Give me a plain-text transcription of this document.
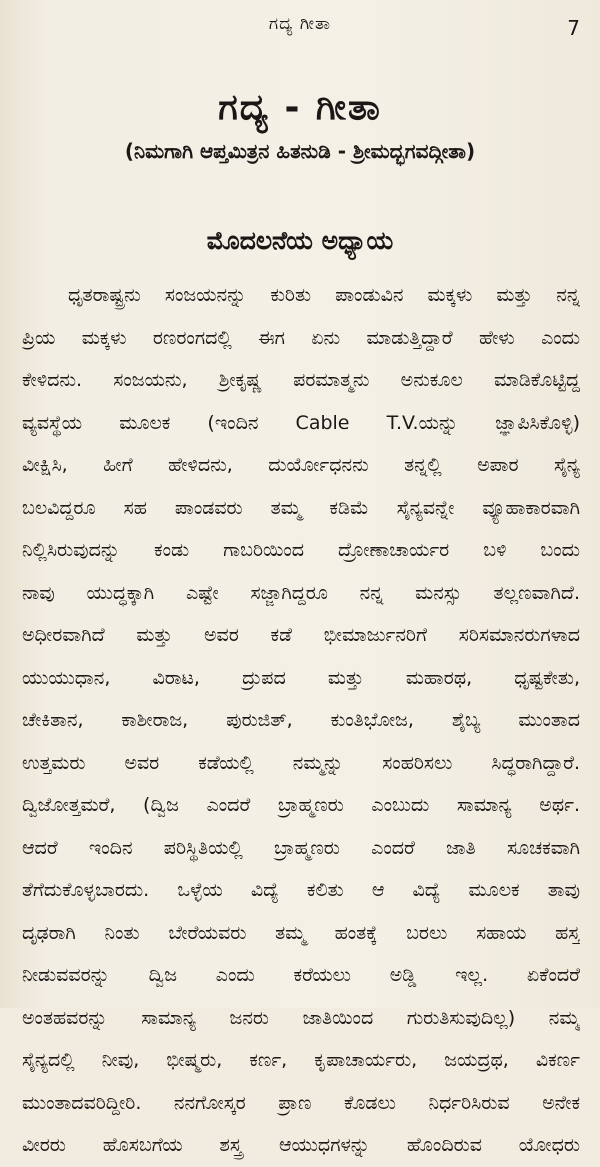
ಗದ್ಯ ಗೀತಾ	7
ಗದ್ಯ - ಗೀತಾ
(ನಿಮಗಾಗಿ ಆಪ್ತಮಿತ್ರನ ಹಿತನುಡಿ - ಶ್ರೀಮದ್ಭಗವದ್ಗೀತಾ)
ಮೊದಲನೆಯ ಅಧ್ಯಾಯ
ಧೃತರಾಷ್ಟ್ರನು ಸಂಜಯನನ್ನು ಕುರಿತು ಪಾಂಡುವಿನ ಮಕ್ಕಳು ಮತ್ತು ನನ್ನ
ಪ್ರಿಯ ಮಕ್ಕಳು ರಣರಂಗದಲ್ಲಿ ಈಗ ಏನು ಮಾಡುತ್ತಿದ್ದಾರೆ ಹೇಳು ಎಂದು
ಕೇಳಿದನು. ಸಂಜಯನು, ಶ್ರೀಕೃಷ್ಣ ಪರಮಾತ್ಮನು ಅನುಕೂಲ ಮಾಡಿಕೊಟ್ಟಿದ್ದ
ವ್ಯವಸ್ಥೆಯ ಮೂಲಕ (ಇಂದಿನ Cable T.V.ಯನ್ನು ಜ್ಞಾಪಿಸಿಕೊಳ್ಳಿ)
ವೀಕ್ಷಿಸಿ, ಹೀಗೆ ಹೇಳಿದನು, ದುರ್ಯೋಧನನು ತನ್ನಲ್ಲಿ ಅಪಾರ ಸೈನ್ಯ
ಬಲವಿದ್ದರೂ ಸಹ ಪಾಂಡವರು ತಮ್ಮ ಕಡಿಮೆ ಸೈನ್ಯವನ್ನೇ ವ್ಯೂಹಾಕಾರವಾಗಿ
ನಿಲ್ಲಿಸಿರುವುದನ್ನು ಕಂಡು ಗಾಬರಿಯಿಂದ ದ್ರೋಣಾಚಾರ್ಯರ ಬಳಿ ಬಂದು
ನಾವು ಯುದ್ಧಕ್ಕಾಗಿ ಎಷ್ಟೇ ಸಜ್ಜಾಗಿದ್ದರೂ ನನ್ನ ಮನಸ್ಸು ತಲ್ಲಣವಾಗಿದೆ.
ಅಧೀರವಾಗಿದೆ ಮತ್ತು ಅವರ ಕಡೆ ಭೀಮಾರ್ಜುನರಿಗೆ ಸರಿಸಮಾನರುಗಳಾದ
ಯುಯುಧಾನ, ವಿರಾಟ, ದ್ರುಪದ ಮತ್ತು ಮಹಾರಥ, ಧೃಷ್ಟಕೇತು,
ಚೇಕಿತಾನ, ಕಾಶೀರಾಜ, ಪುರುಜಿತ್, ಕುಂತಿಭೋಜ, ಶೈಬ್ಯ ಮುಂತಾದ
ಉತ್ತಮರು ಅವರ ಕಡೆಯಲ್ಲಿ ನಮ್ಮನ್ನು ಸಂಹರಿಸಲು ಸಿದ್ಧರಾಗಿದ್ದಾರೆ.
ದ್ವಿಜೋತ್ತಮರೆ, (ದ್ವಿಜ ಎಂದರೆ ಬ್ರಾಹ್ಮಣರು ಎಂಬುದು ಸಾಮಾನ್ಯ ಅರ್ಥ.
ಆದರೆ ಇಂದಿನ ಪರಿಸ್ಥಿತಿಯಲ್ಲಿ ಬ್ರಾಹ್ಮಣರು ಎಂದರೆ ಜಾತಿ ಸೂಚಕವಾಗಿ
ತೆಗೆದುಕೊಳ್ಳಬಾರದು. ಒಳ್ಳೆಯ ವಿದ್ಯೆ ಕಲಿತು ಆ ವಿದ್ಯೆ ಮೂಲಕ ತಾವು
ದೃಢರಾಗಿ ನಿಂತು ಬೇರೆಯವರು ತಮ್ಮ ಹಂತಕ್ಕೆ ಬರಲು ಸಹಾಯ ಹಸ್ತ
ನೀಡುವವರನ್ನು ದ್ವಿಜ ಎಂದು ಕರೆಯಲು ಅಡ್ಡಿ ಇಲ್ಲ. ಏಕೆಂದರೆ
ಅಂತಹವರನ್ನು ಸಾಮಾನ್ಯ ಜನರು ಜಾತಿಯಿಂದ ಗುರುತಿಸುವುದಿಲ್ಲ) ನಮ್ಮ
ಸೈನ್ಯದಲ್ಲಿ ನೀವು, ಭೀಷ್ಮರು, ಕರ್ಣ, ಕೃಪಾಚಾರ್ಯರು, ಜಯದ್ರಥ, ವಿಕರ್ಣ
ಮುಂತಾದವರಿದ್ದೀರಿ. ನನಗೋಸ್ಕರ ಪ್ರಾಣ ಕೊಡಲು ನಿರ್ಧರಿಸಿರುವ ಅನೇಕ
ವೀರರು ಹೊಸಬಗೆಯ ಶಸ್ತ್ರ ಆಯುಧಗಳನ್ನು ಹೊಂದಿರುವ ಯೋಧರು
